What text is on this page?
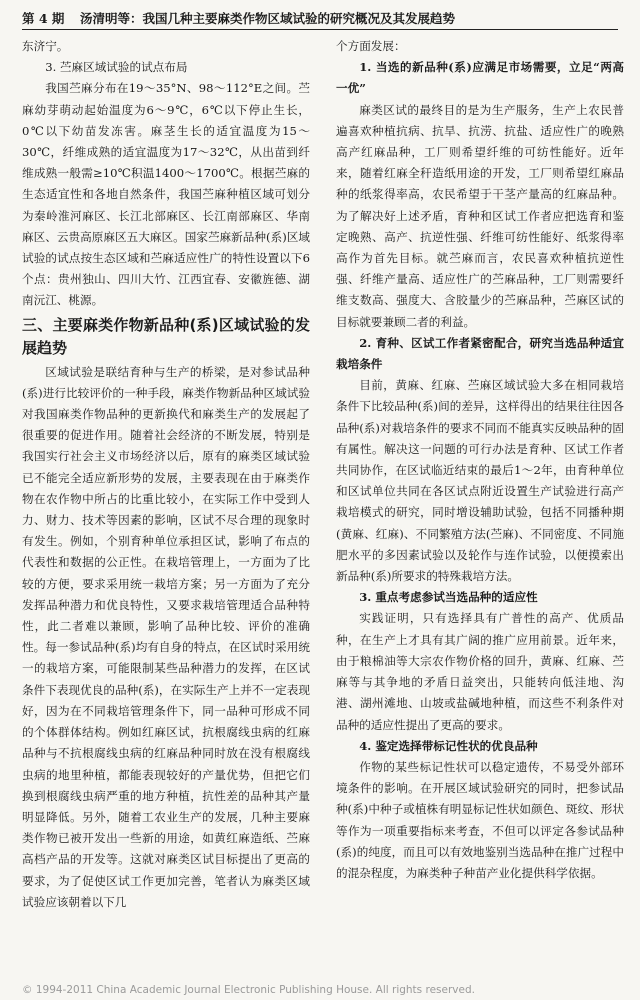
第 4 期	汤清明等：我国几种主要麻类作物区域试验的研究概况及其发展趋势

东济宁。

3. 苎麻区域试验的试点布局

我国苎麻分布在19～35°N、98～112°E之间。苎麻幼芽萌动起始温度为6～9℃，6℃以下停止生长，0℃以下幼苗发冻害。麻茎生长的适宜温度为15～30℃，纤维成熟的适宜温度为17～32℃，从出苗到纤维成熟一般需≥10℃积温1400～1700℃。根据苎麻的生态适宜性和各地自然条件，我国苎麻种植区域可划分为秦岭淮河麻区、长江北部麻区、长江南部麻区、华南麻区、云贵高原麻区五大麻区。国家苎麻新品种(系)区域试验的试点按生态区域和苎麻适应性广的特性设置以下6个点：贵州独山、四川大竹、江西宜春、安徽旌德、湖南沅江、桃源。

三、主要麻类作物新品种(系)区域试验的发展趋势

区域试验是联结育种与生产的桥梁，是对参试品种(系)进行比较评价的一种手段，麻类作物新品种区域试验对我国麻类作物品种的更新换代和麻类生产的发展起了很重要的促进作用。随着社会经济的不断发展，特别是我国实行社会主义市场经济以后，原有的麻类区域试验已不能完全适应新形势的发展，主要表现在由于麻类作物在农作物中所占的比重比较小，在实际工作中受到人力、财力、技术等因素的影响，区试不尽合理的现象时有发生。例如，个别育种单位承担区试，影响了布点的代表性和数据的公正性。在栽培管理上，一方面为了比较的方便，要求采用统一栽培方案；另一方面为了充分发挥品种潜力和优良特性，又要求栽培管理适合品种特性，此二者难以兼顾，影响了品种比较、评价的准确性。每一参试品种(系)均有自身的特点，在区试时采用统一的栽培方案，可能限制某些品种潜力的发挥，在区试条件下表现优良的品种(系)，在实际生产上并不一定表现好，因为在不同栽培管理条件下，同一品种可形成不同的个体群体结构。例如红麻区试，抗根腐线虫病的红麻品种与不抗根腐线虫病的红麻品种同时放在没有根腐线虫病的地里种植，都能表现较好的产量优势，但把它们换到根腐线虫病严重的地方种植，抗性差的品种其产量明显降低。另外，随着工农业生产的发展，几种主要麻类作物已被开发出一些新的用途，如黄红麻造纸、苎麻高档产品的开发等。这就对麻类区试目标提出了更高的要求，为了促使区试工作更加完善，笔者认为麻类区域试验应该朝着以下几

个方面发展：

1. 当选的新品种(系)应满足市场需要，立足“两高一优”

麻类区试的最终目的是为生产服务，生产上农民普遍喜欢种植抗病、抗旱、抗涝、抗盐、适应性广的晚熟高产红麻品种，工厂则希望纤维的可纺性能好。近年来，随着红麻全秆造纸用途的开发，工厂则希望红麻品种的纸浆得率高，农民希望于干茎产量高的红麻品种。为了解决好上述矛盾，育种和区试工作者应把选育和鉴定晚熟、高产、抗逆性强、纤维可纺性能好、纸浆得率高作为首先目标。就苎麻而言，农民喜欢种植抗逆性强、纤维产量高、适应性广的苎麻品种，工厂则需要纤维支数高、强度大、含胶量少的苎麻品种，苎麻区试的目标就要兼顾二者的利益。

2. 育种、区试工作者紧密配合，研究当选品种适宜栽培条件

目前，黄麻、红麻、苎麻区域试验大多在相同栽培条件下比较品种(系)间的差异，这样得出的结果往往因各品种(系)对栽培条件的要求不同而不能真实反映品种的固有属性。解决这一问题的可行办法是育种、区试工作者共同协作，在区试临近结束的最后1～2年，由育种单位和区试单位共同在各区试点附近设置生产试验进行高产栽培模式的研究，同时增设辅助试验，包括不同播种期(黄麻、红麻)、不同繁殖方法(苎麻)、不同密度、不同施肥水平的多因素试验以及轮作与连作试验，以便摸索出新品种(系)所要求的特殊栽培方法。

3. 重点考虑参试当选品种的适应性

实践证明，只有选择具有广普性的高产、优质品种，在生产上才具有其广阔的推广应用前景。近年来，由于粮棉油等大宗农作物价格的回升，黄麻、红麻、苎麻等与其争地的矛盾日益突出，只能转向低洼地、沟港、湖州滩地、山坡或盐碱地种植，而这些不利条件对品种的适应性提出了更高的要求。

4. 鉴定选择带标记性状的优良品种

作物的某些标记性状可以稳定遗传，不易受外部环境条件的影响。在开展区域试验研究的同时，把参试品种(系)中种子或植株有明显标记性状如颜色、斑纹、形状等作为一项重要指标来考查，不但可以评定各参试品种(系)的纯度，而且可以有效地鉴别当选品种在推广过程中的混杂程度，为麻类种子种苗产业化提供科学依据。

© 1994-2011 China Academic Journal Electronic Publishing House. All rights reserved.
